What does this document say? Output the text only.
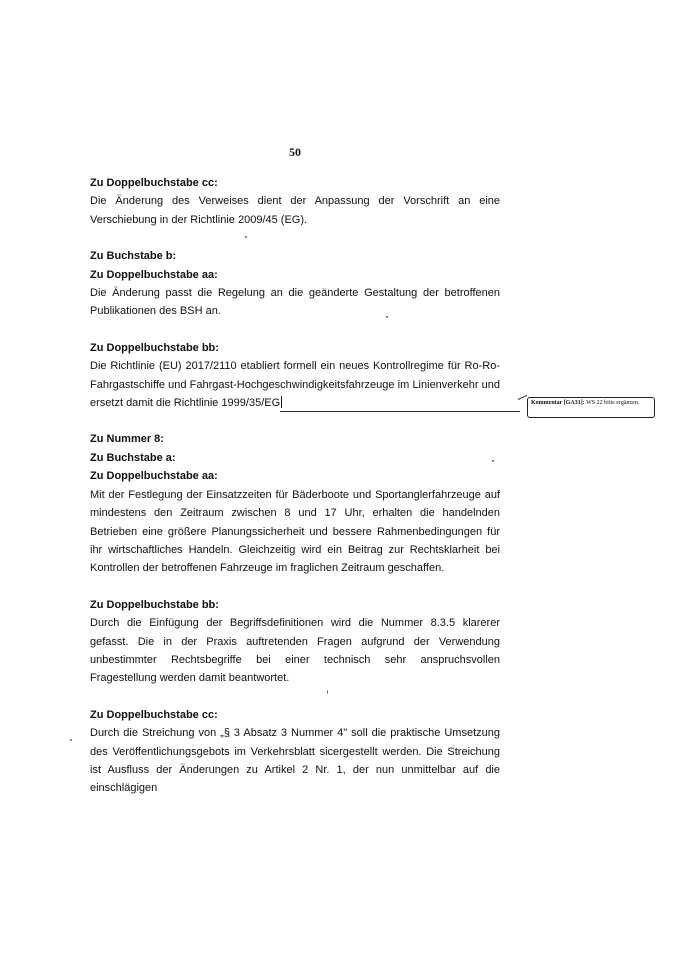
50
Zu Doppelbuchstabe cc:
Die Änderung des Verweises dient der Anpassung der Vorschrift an eine Verschiebung in der Richtlinie 2009/45 (EG).
Zu Buchstabe b:
Zu Doppelbuchstabe aa:
Die Änderung passt die Regelung an die geänderte Gestaltung der betroffenen Publikationen des BSH an.
Zu Doppelbuchstabe bb:
Die Richtlinie (EU) 2017/2110 etabliert formell ein neues Kontrollregime für Ro-Ro-Fahrgastschiffe und Fahrgast-Hochgeschwindigkeitsfahrzeuge im Linienverkehr und ersetzt damit die Richtlinie 1999/35/EG
Zu Nummer 8:
Zu Buchstabe a:
Zu Doppelbuchstabe aa:
Mit der Festlegung der Einsatzzeiten für Bäderboote und Sportanglerfahrzeuge auf mindestens den Zeitraum zwischen 8 und 17 Uhr, erhalten die handelnden Betrieben eine größere Planungssicherheit und bessere Rahmenbedingungen für ihr wirtschaftliches Handeln. Gleichzeitig wird ein Beitrag zur Rechtsklarheit bei Kontrollen der betroffenen Fahrzeuge im fraglichen Zeitraum geschaffen.
Zu Doppelbuchstabe bb:
Durch die Einfügung der Begriffsdefinitionen wird die Nummer 8.3.5 klarerer gefasst. Die in der Praxis auftretenden Fragen aufgrund der Verwendung unbestimmter Rechtsbegriffe bei einer technisch sehr anspruchsvollen Fragestellung werden damit beantwortet.
Zu Doppelbuchstabe cc:
Durch die Streichung von „§ 3 Absatz 3 Nummer 4" soll die praktische Umsetzung des Veröffentlichungsgebots im Verkehrsblatt sicergestellt werden. Die Streichung ist Ausfluss der Änderungen zu Artikel 2 Nr. 1, der nun unmittelbar auf die einschlägigen
Kommentar [GA31]: WS 22 bitte ergänzen.
